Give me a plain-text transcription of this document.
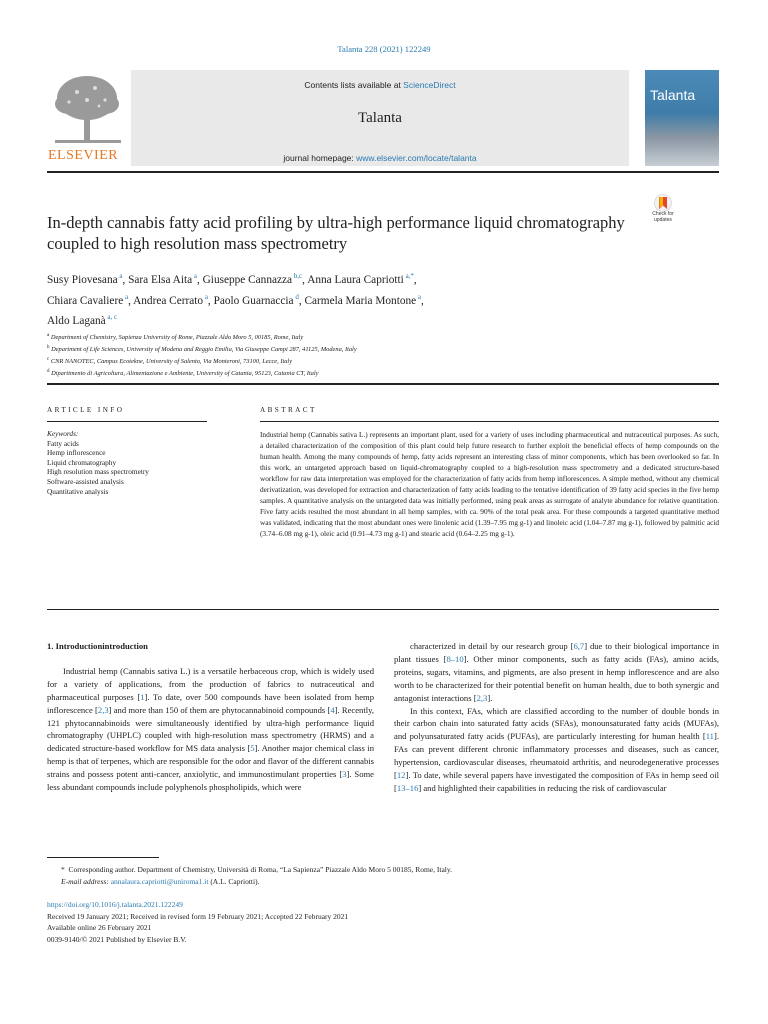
Talanta 228 (2021) 122249
ELSEVIER
Contents lists available at ScienceDirect
Talanta
journal homepage: www.elsevier.com/locate/talanta
Talanta
In-depth cannabis fatty acid profiling by ultra-high performance liquid chromatography coupled to high resolution mass spectrometry
Check for updates
Susy Piovesana $^a$, Sara Elsa Aita $^a$, Giuseppe Cannazza $^{b,c}$, Anna Laura Capriotti $^{a,*}$,
Chiara Cavaliere $^a$, Andrea Cerrato $^a$, Paolo Guarnaccia $^d$, Carmela Maria Montone $^a$,
Aldo Laganà $^{a, c}$
$^a$ Department of Chemistry, Sapienza University of Rome, Piazzale Aldo Moro 5, 00185, Rome, Italy
$^b$ Department of Life Sciences, University of Modena and Reggio Emilia, Via Giuseppe Campi 287, 41125, Modena, Italy
$^c$ CNR NANOTEC, Campus Ecotekne, University of Salento, Via Monteroni, 73100, Lecce, Italy
$^d$ Dipartimento di Agricoltura, Alimentazione e Ambiente, University of Catania, 95123, Catania CT, Italy
ARTICLE INFO	ABSTRACT
Keywords:
Fatty acids
Hemp inflorescence
Liquid chromatography
High resolution mass spectrometry
Software-assisted analysis
Quantitative analysis
Industrial hemp (Cannabis sativa L.) represents an important plant, used for a variety of uses including pharmaceutical and nutraceutical purposes. As such, a detailed characterization of the composition of this plant could help future research to further exploit the beneficial effects of hemp compounds on the human health. Among the many compounds of hemp, fatty acids represent an interesting class of minor components, which has been overlooked so far. In this work, an untargeted approach based on liquid-chromatography coupled to a high-resolution mass spectrometry and a dedicated structure-based workflow for raw data interpretation was employed for the characterization of fatty acids from hemp inflorescences. A simple method, without any chemical derivatization, was developed for extraction and characterization of fatty acids leading to the tentative identification of 39 fatty acid species in the five hemp samples. A quantitative analysis on the untargeted data was initially performed, using peak areas as surrogate of analyte abundance for relative quantitation. Five fatty acids resulted the most abundant in all hemp samples, with ca. 90% of the total peak area. For these compounds a targeted quantitative method was validated, indicating that the most abundant ones were linolenic acid (1.39–7.95 mg g-1) and linoleic acid (1.04–7.87 mg g-1), followed by palmitic acid (3.74–6.08 mg g-1), oleic acid (0.91–4.73 mg g-1) and stearic acid (0.64–2.25 mg g-1).
1. Introductionintroduction

Industrial hemp (Cannabis sativa L.) is a versatile herbaceous crop, which is widely used for a variety of applications, from the production of fabrics to nutraceutical and pharmaceutical purposes [1]. To date, over 500 compounds have been isolated from hemp inflorescence [2,3] and more than 150 of them are phytocannabinoid compounds [4]. Recently, 121 phytocannabinoids were simultaneously identified by ultra-high performance liquid chromatography (UHPLC) coupled with high-resolution mass spectrometry (HRMS) and a dedicated structure-based workflow for MS data analysis [5]. Another major chemical class in hemp is that of terpenes, which are responsible for the odor and flavor of the different cannabis strains and possess potent anti-cancer, anxiolytic, and immunostimulant properties [3]. Some less abundant compounds include polyphenols phospholipids, which were

characterized in detail by our research group [6,7] due to their biological importance in plant tissues [8–10]. Other minor components, such as fatty acids (FAs), amino acids, proteins, sugars, vitamins, and pigments, are also present in hemp inflorescence and are also worth to be characterized for their potential benefit on human health, due to both synergic and antagonist interactions [2,3].

In this context, FAs, which are classified according to the number of double bonds in their carbon chain into saturated fatty acids (SFAs), monounsaturated fatty acids (MUFAs), and polyunsaturated fatty acids (PUFAs), are particularly interesting for human health [11]. FAs can prevent different chronic inflammatory processes and diseases, such as cancer, hypertension, cardiovascular diseases, rheumatoid arthritis, and neurodegenerative processes [12]. To date, while several papers have investigated the composition of FAs in hemp seed oil [13–16] and highlighted their capabilities in reducing the risk of cardiovascular

* Corresponding author. Department of Chemistry, Università di Roma, “La Sapienza” Piazzale Aldo Moro 5 00185, Rome, Italy.
E-mail address: annalaura.capriotti@uniroma1.it (A.L. Capriotti).
https://doi.org/10.1016/j.talanta.2021.122249
Received 19 January 2021; Received in revised form 19 February 2021; Accepted 22 February 2021
Available online 26 February 2021
0039-9140/© 2021 Published by Elsevier B.V.
